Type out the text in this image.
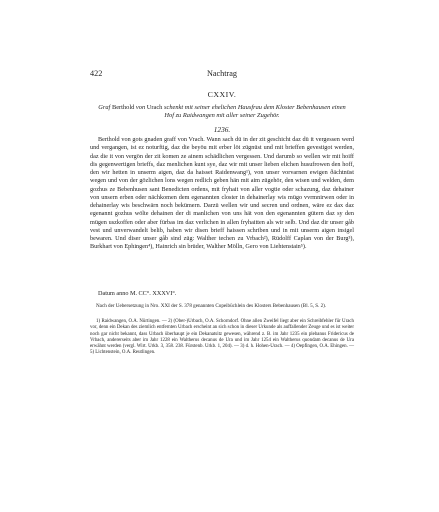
422	Nachtrag
CXXIV.

Graf Berthold von Urach schenkt mit seiner ehelichen Hausfrau dem Kloster Bebenhausen einen Hof zu Raidwangen mit aller seiner Zugehör.

1236.

Berthold von gots gnaden graff von Vrach. Wann sach dü in der zit geschicht daz dü it vergessen werd und vergangen, ist ez noturftig, daz die beyöu mit erber löt zügnüst und mit brieffen gevestigot werden, daz die it von vergön der zit komen ze ainem schädlichen vergessen. Und darumb so wellen wir mit hoiff dis gegenwertigen brieffs, daz menlichen kunt sye, daz wir mit unser lieben elichen husufrowen den hoff, den wir hetten in unserm aigen, daz da haisset Raidenwang¹), von unser vorvarnen ewigen ðächtnüst wegen und von der gözlichen lons wegen redlich geben hän mit aim zügehör, den wisen und welden, dem gozhus ze Bebenhusen sant Benedicten ordens, mit fryhait von aller vogtie oder schazung, daz dehainer von unsern erben oder nächkomen dem egenannten closter in dehainerlay wis mügo vvrmnirwen oder in dehainerlay wis beschwärn noch bekümern. Darzü wellen wir und secren und ordnen, wäre ez dax daz egenannt gozhus wölte dehainen der di manlichen von uns hät von den egenannten gütern daz sy den mügen uszkoffen oder aber fürbas im daz verlichen in allen fryhaitten als wir selb. Und daz dir unser gåb vest und unverwandelt belib, haben wir disen brieff haissen schriben und in mit unserm aigen insigel bewaren. Und diser unser gåb sind züg: Walther techen zu Vrbach²), Rüdolff Caplan von der Burg³), Burkhart von Ephingen⁴), Hainrich sin brüder, Walther Mölln, Gero von Liehtenstain⁵).

Datum anno M. CC°. XXXVI°.

Nach der Uebersetzung in Nro. XXI der S. 378 genannten Copeibüchlein des Klosters Bebenhausen (Bl. 5, S. 2).

1) Raidwangen, O.A. Nürtingen. — 2) (Ober-)Urbach, O.A. Schorndorf. Ohne allen Zweifel liegt aber ein Schreibfehler für Urach vor, denn ein Dekan des ziemlich entfernten Urbach erscheint an sich schon in dieser Urkunde als auffallender Zeuge und es ist weiter noch gar nicht bekannt, dass Urbach überhaupt je ein Dekanatsitz gewesen, während z. B. im Jahr 1235 ein plebanus Fridericus de Vrbach, andererseits aber im Jahr 1228 ein Waltherus decanus de Ura und im Jahr 1254 ein Waltherus quondam decanus de Ura erwähnt werden (vergl. Wirt. Urkb. 3, 358. 238. Fürstenb. Urkb. 1, 204). — 3) d. h. Hohen-Urach. — 4) Oepfingen, O.A. Ehingen. — 5) Lichtenstein, O.A. Reutlingen.
